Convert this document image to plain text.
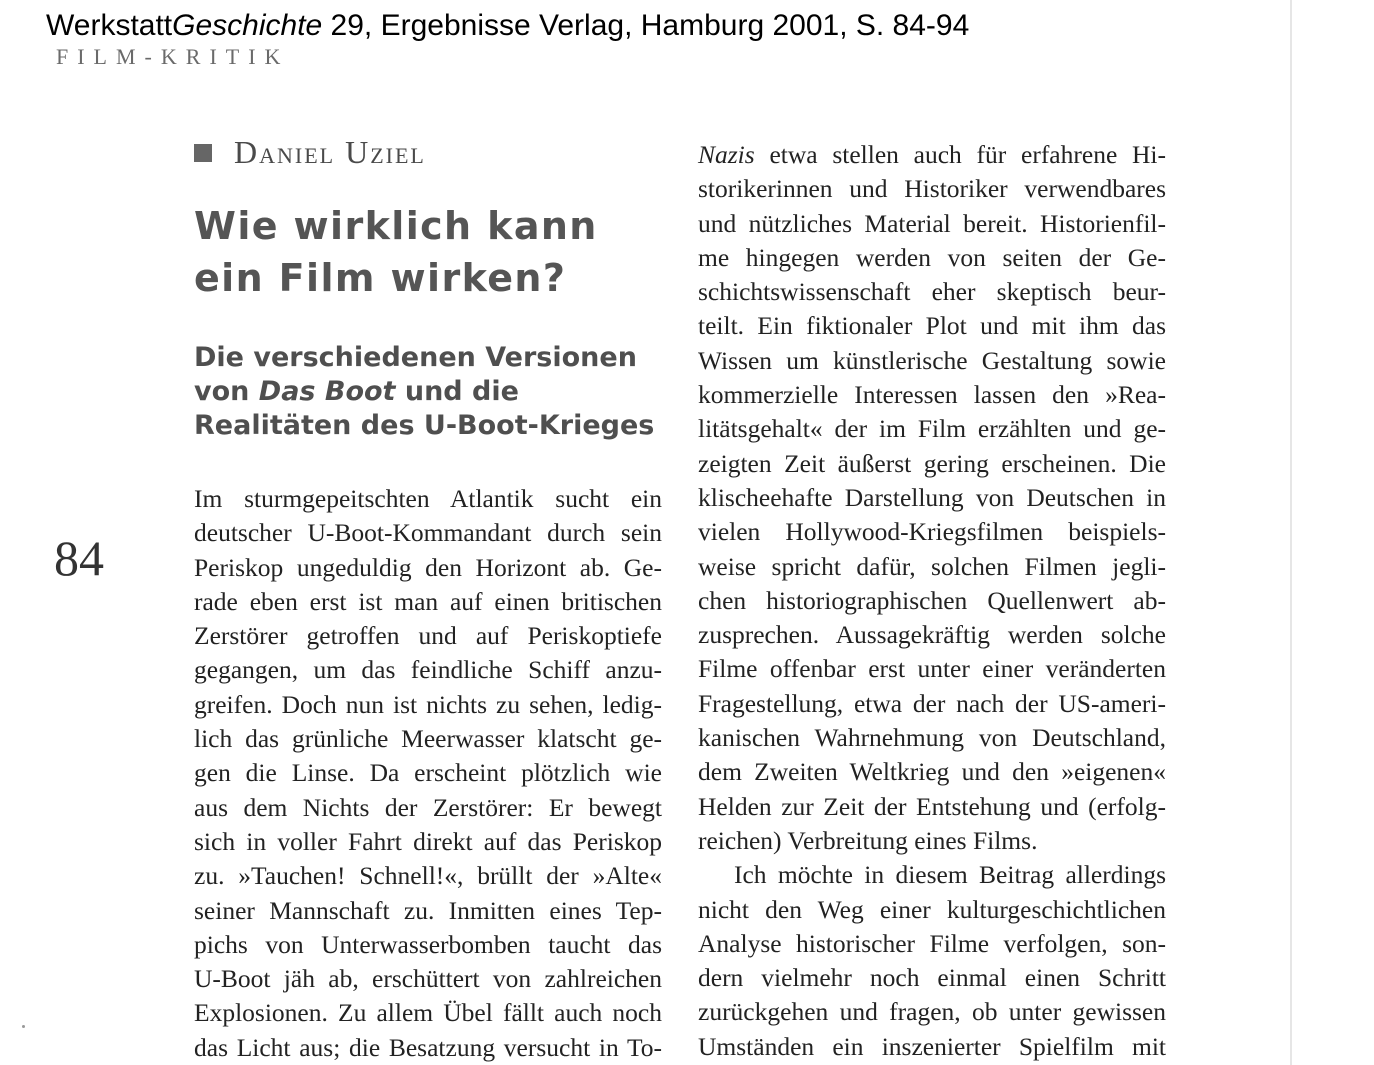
WerkstattGeschichte 29, Ergebnisse Verlag, Hamburg 2001, S. 84-94
FILM-KRITIK
84
Daniel Uziel
Wie wirklich kann
ein Film wirken?
Die verschiedenen Versionen
von Das Boot und die
Realitäten des U-Boot-Krieges
Im sturmgepeitschten Atlantik sucht ein
deutscher U-Boot-Kommandant durch sein
Periskop ungeduldig den Horizont ab. Ge-
rade eben erst ist man auf einen britischen
Zerstörer getroffen und auf Periskoptiefe
gegangen, um das feindliche Schiff anzu-
greifen. Doch nun ist nichts zu sehen, ledig-
lich das grünliche Meerwasser klatscht ge-
gen die Linse. Da erscheint plötzlich wie
aus dem Nichts der Zerstörer: Er bewegt
sich in voller Fahrt direkt auf das Periskop
zu. »Tauchen! Schnell!«, brüllt der »Alte«
seiner Mannschaft zu. Inmitten eines Tep-
pichs von Unterwasserbomben taucht das
U-Boot jäh ab, erschüttert von zahlreichen
Explosionen. Zu allem Übel fällt auch noch
das Licht aus; die Besatzung versucht in To-
Nazis etwa stellen auch für erfahrene Hi-
storikerinnen und Historiker verwendbares
und nützliches Material bereit. Historienfil-
me hingegen werden von seiten der Ge-
schichtswissenschaft eher skeptisch beur-
teilt. Ein fiktionaler Plot und mit ihm das
Wissen um künstlerische Gestaltung sowie
kommerzielle Interessen lassen den »Rea-
litätsgehalt« der im Film erzählten und ge-
zeigten Zeit äußerst gering erscheinen. Die
klischeehafte Darstellung von Deutschen in
vielen Hollywood-Kriegsfilmen beispiels-
weise spricht dafür, solchen Filmen jegli-
chen historiographischen Quellenwert ab-
zusprechen. Aussagekräftig werden solche
Filme offenbar erst unter einer veränderten
Fragestellung, etwa der nach der US-ameri-
kanischen Wahrnehmung von Deutschland,
dem Zweiten Weltkrieg und den »eigenen«
Helden zur Zeit der Entstehung und (erfolg-
reichen) Verbreitung eines Films.
Ich möchte in diesem Beitrag allerdings
nicht den Weg einer kulturgeschichtlichen
Analyse historischer Filme verfolgen, son-
dern vielmehr noch einmal einen Schritt
zurückgehen und fragen, ob unter gewissen
Umständen ein inszenierter Spielfilm mit
